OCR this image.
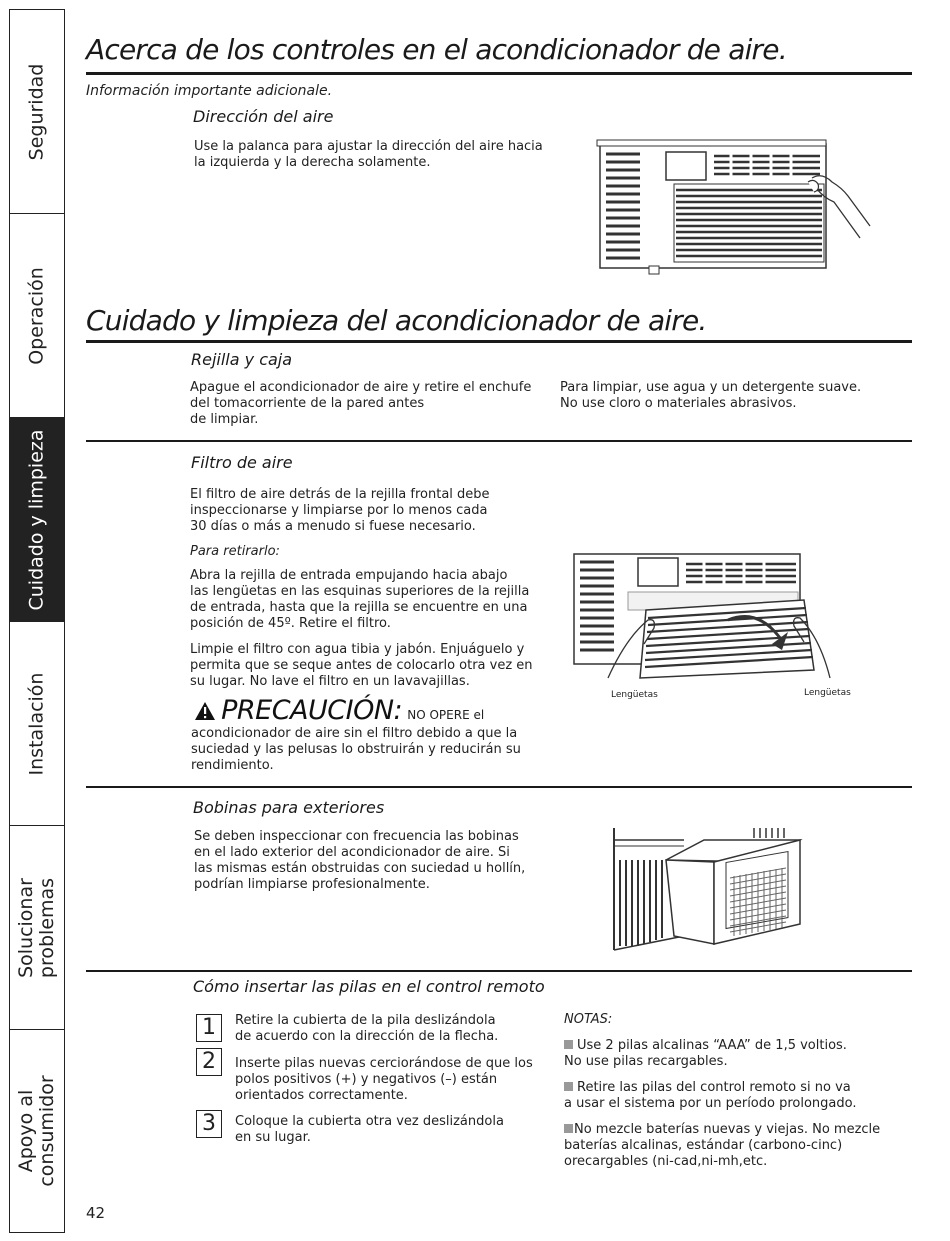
Seguridad
Operación
Cuidado y limpieza
Instalación
Solucionar
problemas
Apoyo al
consumidor
Acerca de los controles en el acondicionador de aire.
Información importante adicionale.
Dirección del aire

Use la palanca para ajustar la dirección del aire hacia
la izquierda y la derecha solamente.

Cuidado y limpieza del acondicionador de aire.
Rejilla y caja

Apague el acondicionador de aire y retire el enchufe
del tomacorriente de la pared antes
de limpiar.

Para limpiar, use agua y un detergente suave.
No use cloro o materiales abrasivos.

Filtro de aire

El filtro de aire detrás de la rejilla frontal debe
inspeccionarse y limpiarse por lo menos cada
30 días o más a menudo si fuese necesario.

Para retirarlo:

Abra la rejilla de entrada empujando hacia abajo
las lengüetas en las esquinas superiores de la rejilla
de entrada, hasta que la rejilla se encuentre en una
posición de 45º. Retire el filtro.

Limpie el filtro con agua tibia y jabón. Enjuáguelo y
permita que se seque antes de colocarlo otra vez en
su lugar. No lave el filtro en un lavavajillas.

PRECAUCIÓN: NO OPERE el

acondicionador de aire sin el filtro debido a que la
suciedad y las pelusas lo obstruirán y reducirán su
rendimiento.

Lengüetas	Lengüetas
Bobinas para exteriores

Se deben inspeccionar con frecuencia las bobinas
en el lado exterior del acondicionador de aire. Si
las mismas están obstruidas con suciedad u hollín,
podrían limpiarse profesionalmente.

Cómo insertar las pilas en el control remoto
1	Retire la cubierta de la pila deslizándola
de acuerdo con la dirección de la flecha.

2	Inserte pilas nuevas cerciorándose de que los
polos positivos (+) y negativos (–) están
orientados correctamente.

3	Coloque la cubierta otra vez deslizándola
en su lugar.

NOTAS:
Use 2 pilas alcalinas “AAA” de 1,5 voltios.
No use pilas recargables.
Retire las pilas del control remoto si no va
a usar el sistema por un período prolongado.
No mezcle baterías nuevas y viejas. No mezcle
baterías alcalinas, estándar (carbono-cinc)
orecargables (ni-cad,ni-mh,etc.
42
